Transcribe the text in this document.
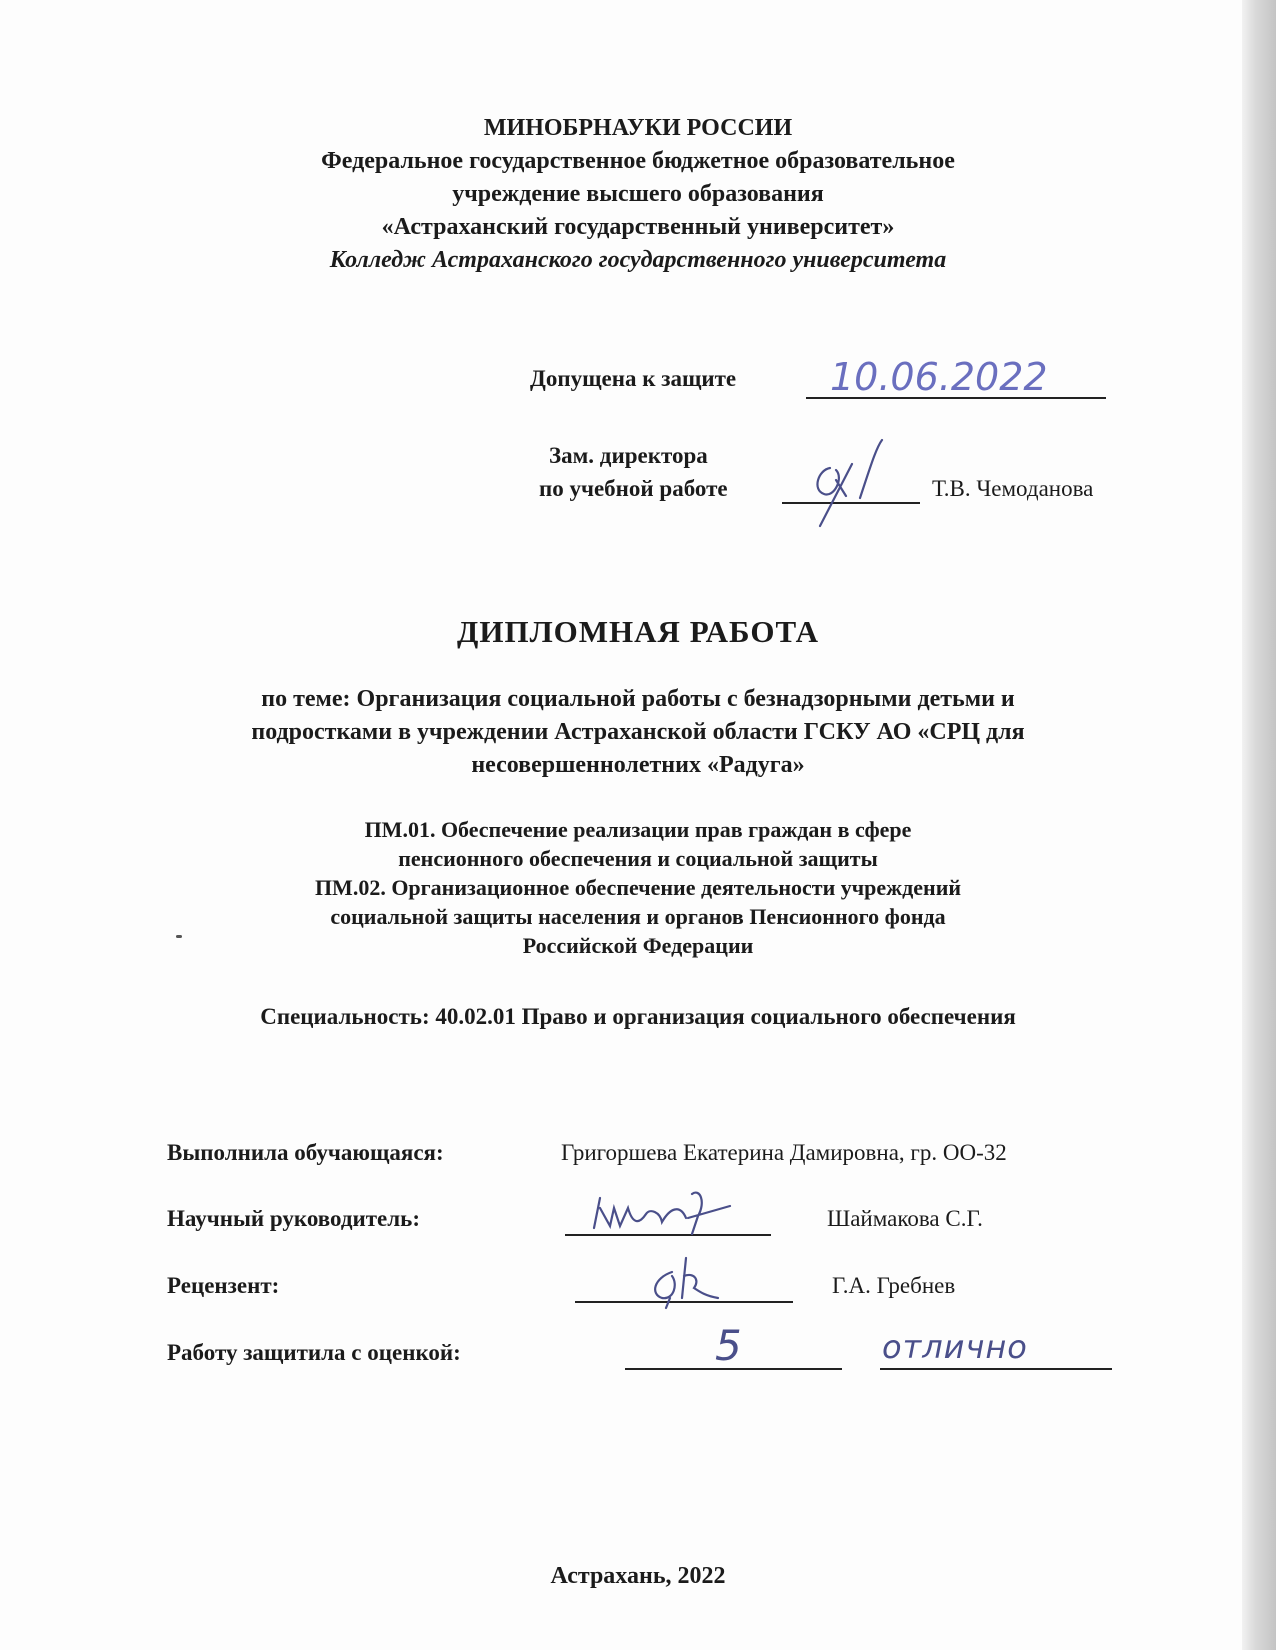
МИНОБРНАУКИ РОССИИ
Федеральное государственное бюджетное образовательное
учреждение высшего образования
«Астраханский государственный университет»
Колледж Астраханского государственного университета
Допущена к защите 10.06.2022
Зам. директора
по учебной работе	Т.В. Чемоданова
ДИПЛОМНАЯ РАБОТА
по теме: Организация социальной работы с безнадзорными детьми и
подростками в учреждении Астраханской области ГСКУ АО «СРЦ для
несовершеннолетних «Радуга»
ПМ.01. Обеспечение реализации прав граждан в сфере
пенсионного обеспечения и социальной защиты
ПМ.02. Организационное обеспечение деятельности учреждений
социальной защиты населения и органов Пенсионного фонда
Российской Федерации
Специальность: 40.02.01 Право и организация социального обеспечения
Выполнила обучающаяся:	Григоршева Екатерина Дамировна, гр. ОО-32
Научный руководитель:	Шаймакова С.Г.
Рецензент:	Г.А. Гребнев
Работу защитила с оценкой:	5	отлично
Астрахань, 2022
